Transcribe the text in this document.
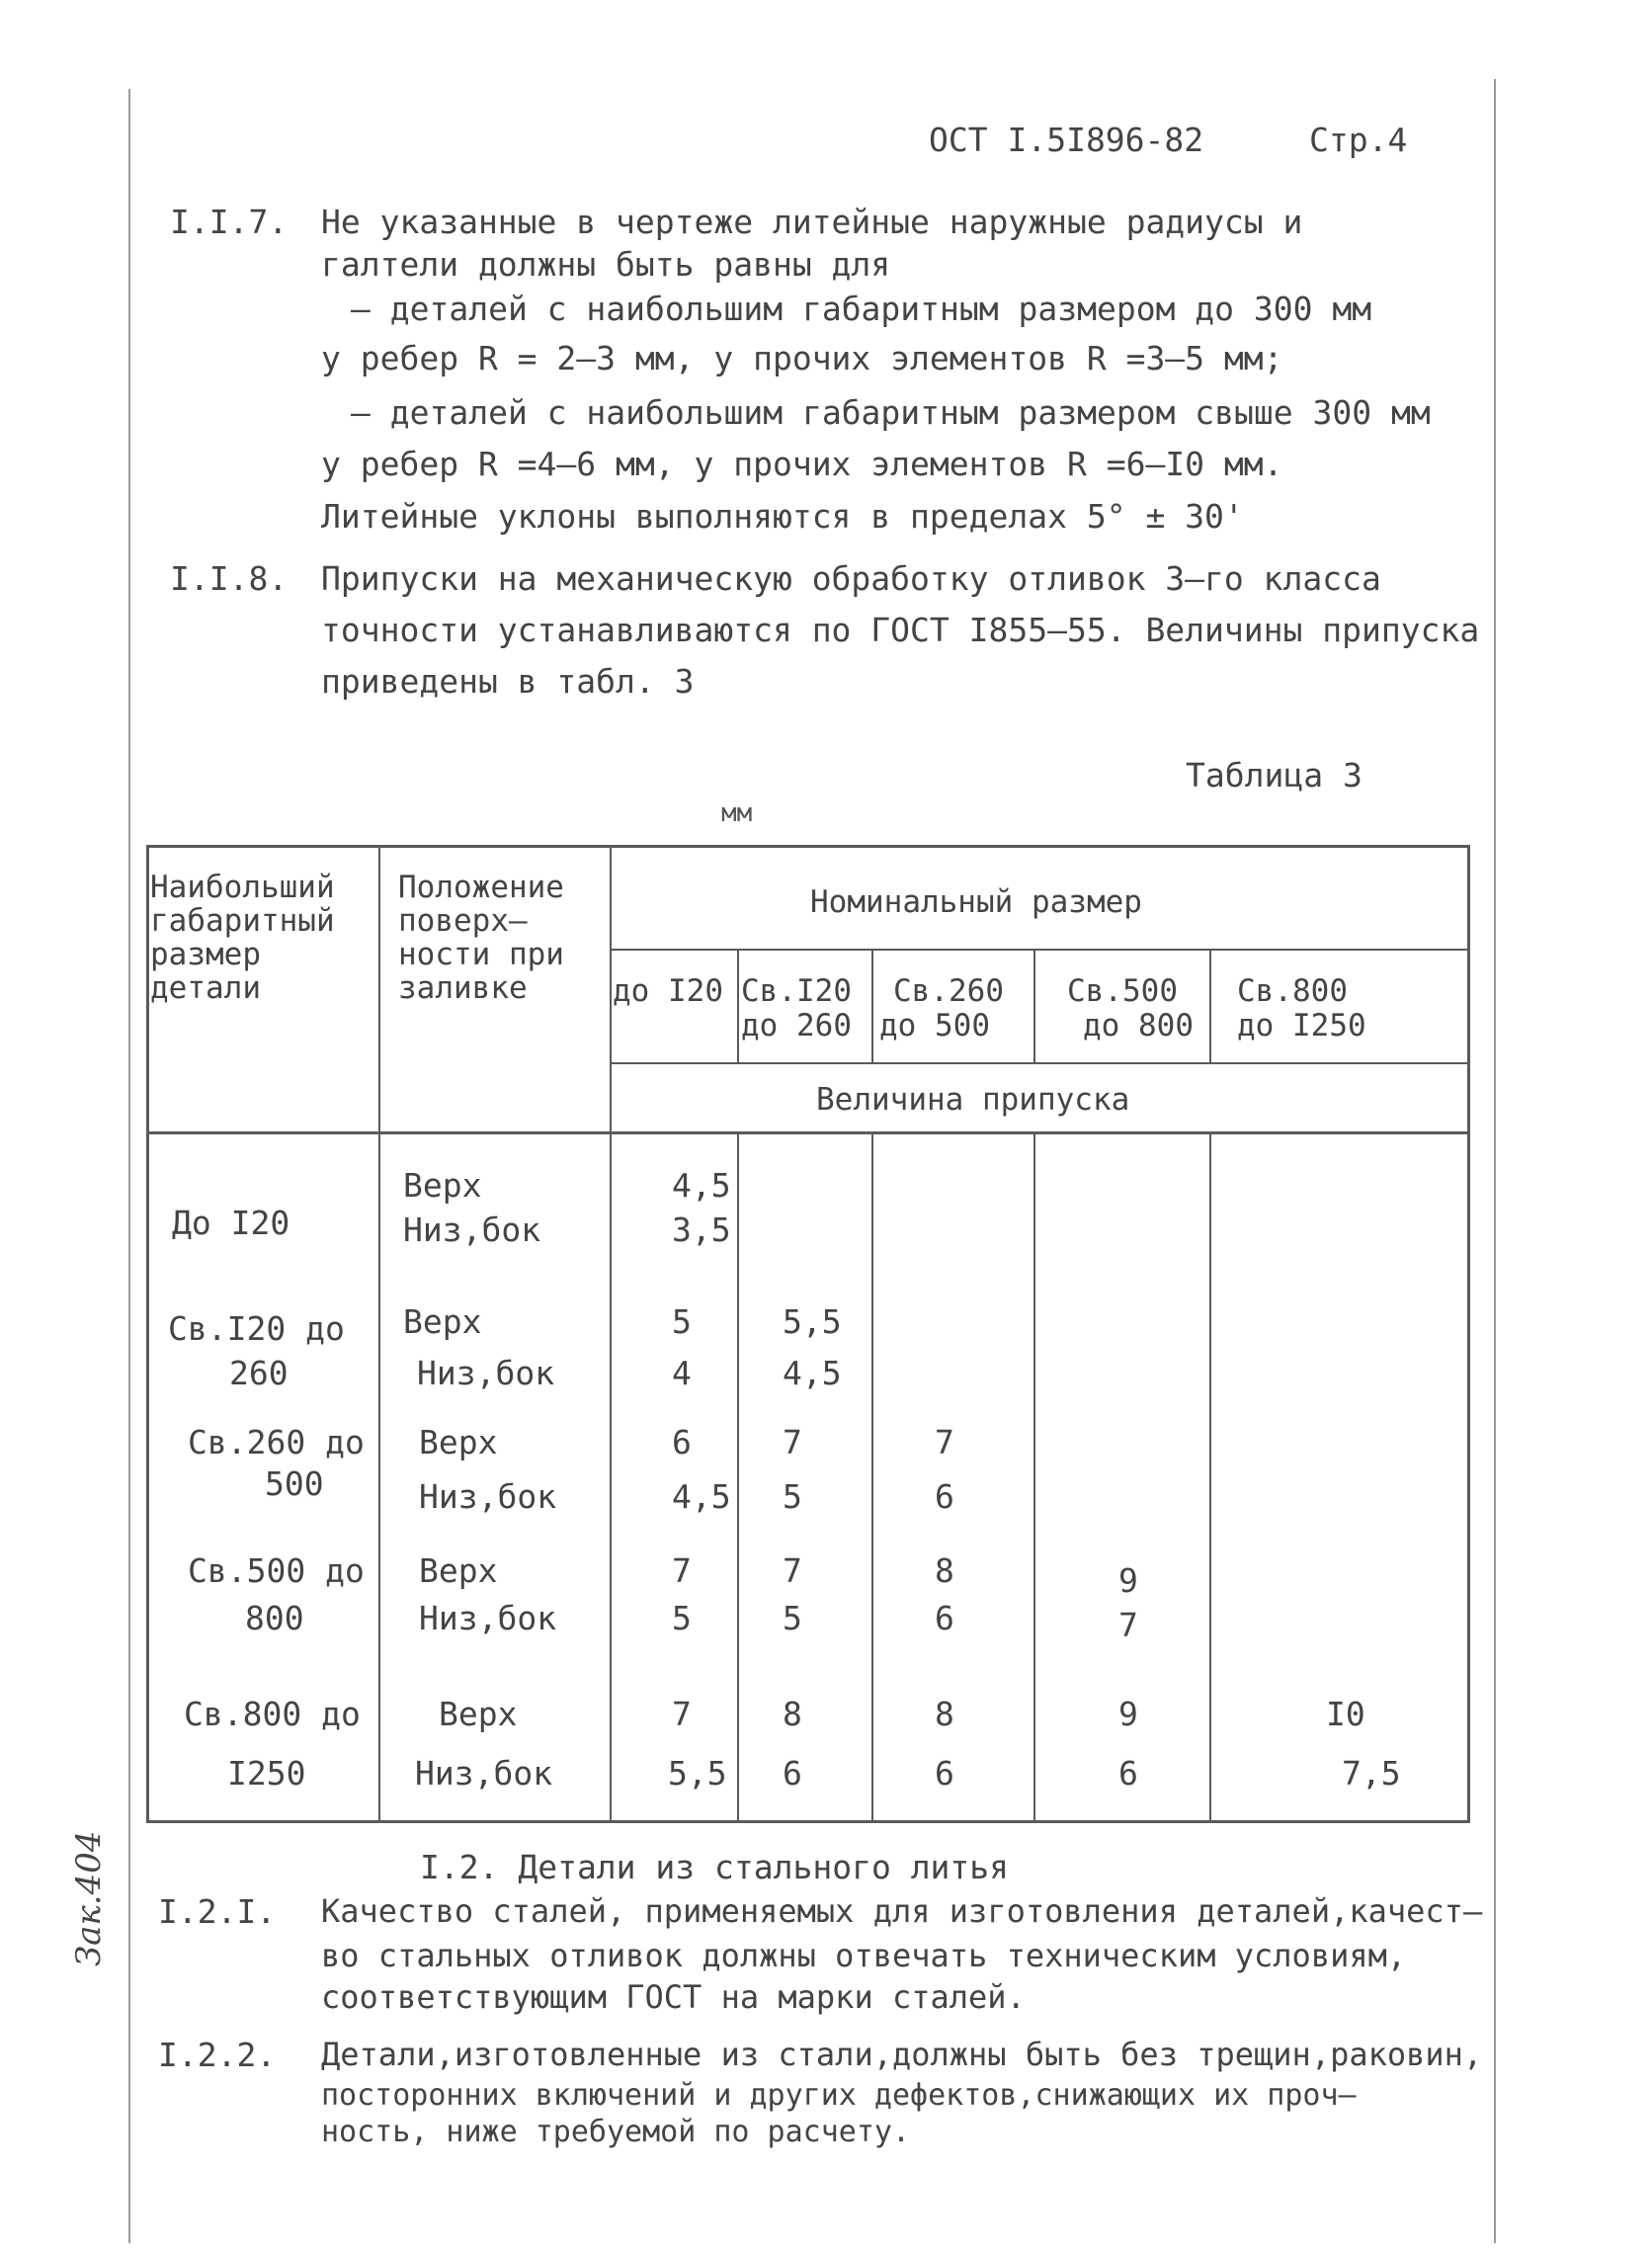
ОСТ I.5I896-82	Стр.4
I.I.7. Не указанные в чертеже литейные наружные радиусы и
галтели должны быть равны для
– деталей с наибольшим габаритным размером до 300 мм
у ребер R = 2–3 мм, у прочих элементов R =3–5 мм;
– деталей с наибольшим габаритным размером свыше 300 мм
у ребер R =4–6 мм, у прочих элементов R =6–I0 мм.
Литейные уклоны выполняются в пределах 5° ± 30'
I.I.8. Припуски на механическую обработку отливок 3–го класса
точности устанавливаются по ГОСТ I855–55. Величины припуска
приведены в табл. 3
Таблица 3
мм
Наибольший
габаритный
размер
детали
Положение
поверх–
ности при
заливке
Номинальный размер
до I20 Св.I20
до 260
Св.260
до 500
Св.500
до 800
Св.800
до I250
Величина припуска
До I20
Верх
Низ,бок
4,5
3,5
Св.I20 до
260
Верх
Низ,бок
5
4
5,5
4,5
Св.260 до
500
Верх
Низ,бок
6
4,5
7
5
7
6
Св.500 до
800
Верх
Низ,бок
7
5
7
5
8
6
9
7
Св.800 до
I250
Верх
Низ,бок
7
5,5
8
6
8
6
9
6
I0
7,5
I.2. Детали из стального литья
I.2.I. Качество сталей, применяемых для изготовления деталей,качест–
во стальных отливок должны отвечать техническим условиям,
соответствующим ГОСТ на марки сталей.
I.2.2. Детали,изготовленные из стали,должны быть без трещин,раковин,
посторонних включений и других дефектов,снижающих их проч–
ность, ниже требуемой по расчету.
Зак.404
